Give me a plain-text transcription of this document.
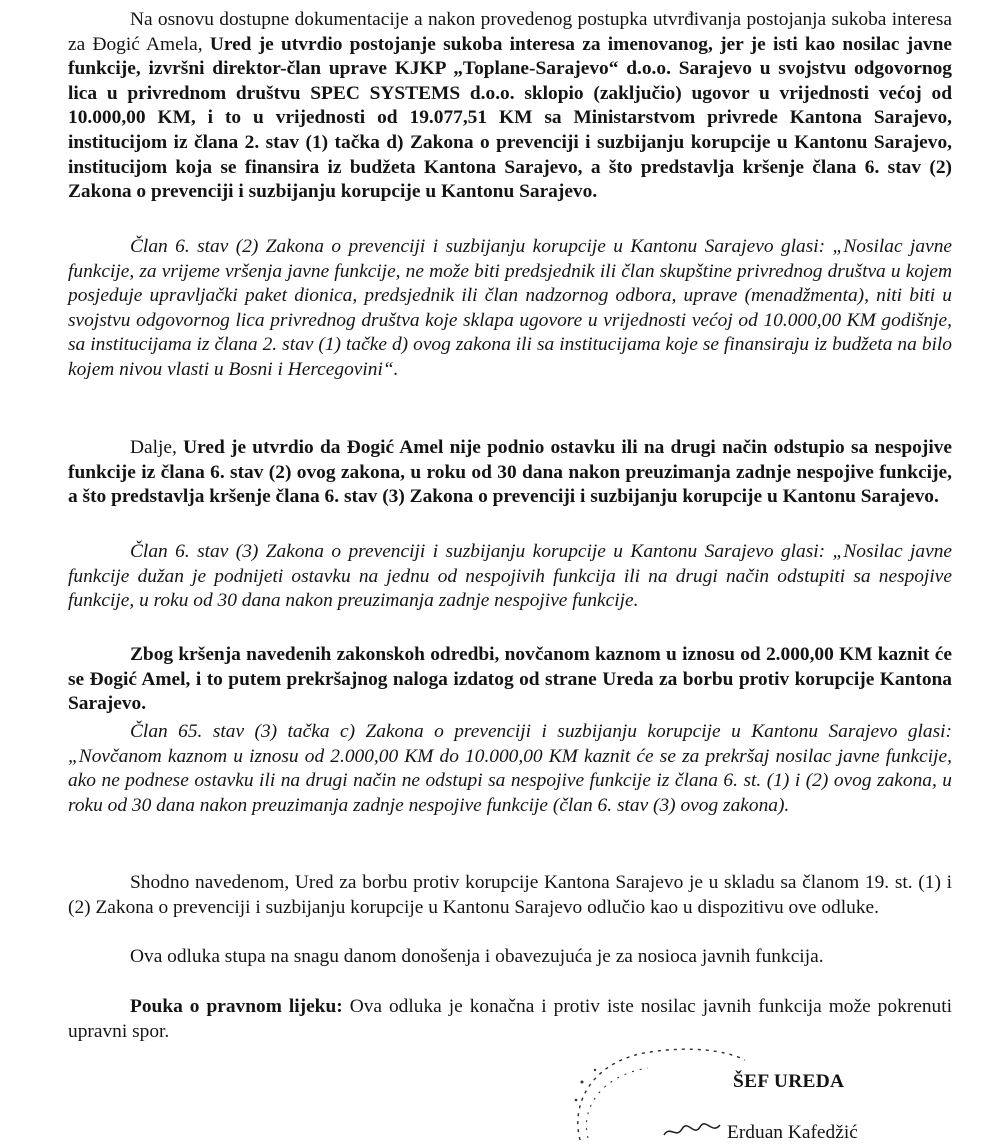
Na osnovu dostupne dokumentacije a nakon provedenog postupka utvrđivanja postojanja sukoba interesa za Đogić Amela, Ured je utvrdio postojanje sukoba interesa za imenovanog, jer je isti kao nosilac javne funkcije, izvršni direktor-član uprave KJKP „Toplane-Sarajevo“ d.o.o. Sarajevo u svojstvu odgovornog lica u privrednom društvu SPEC SYSTEMS d.o.o. sklopio (zaključio) ugovor u vrijednosti većoj od 10.000,00 KM, i to u vrijednosti od 19.077,51 KM sa Ministarstvom privrede Kantona Sarajevo, institucijom iz člana 2. stav (1) tačka d) Zakona o prevenciji i suzbijanju korupcije u Kantonu Sarajevo, institucijom koja se finansira iz budžeta Kantona Sarajevo, a što predstavlja kršenje člana 6. stav (2) Zakona o prevenciji i suzbijanju korupcije u Kantonu Sarajevo.

Član 6. stav (2) Zakona o prevenciji i suzbijanju korupcije u Kantonu Sarajevo glasi: „Nosilac javne funkcije, za vrijeme vršenja javne funkcije, ne može biti predsjednik ili član skupštine privrednog društva u kojem posjeduje upravljački paket dionica, predsjednik ili član nadzornog odbora, uprave (menadžmenta), niti biti u svojstvu odgovornog lica privrednog društva koje sklapa ugovore u vrijednosti većoj od 10.000,00 KM godišnje, sa institucijama iz člana 2. stav (1) tačke d) ovog zakona ili sa institucijama koje se finansiraju iz budžeta na bilo kojem nivou vlasti u Bosni i Hercegovini“.

Dalje, Ured je utvrdio da Đogić Amel nije podnio ostavku ili na drugi način odstupio sa nespojive funkcije iz člana 6. stav (2) ovog zakona, u roku od 30 dana nakon preuzimanja zadnje nespojive funkcije, a što predstavlja kršenje člana 6. stav (3) Zakona o prevenciji i suzbijanju korupcije u Kantonu Sarajevo.

Član 6. stav (3) Zakona o prevenciji i suzbijanju korupcije u Kantonu Sarajevo glasi: „Nosilac javne funkcije dužan je podnijeti ostavku na jednu od nespojivih funkcija ili na drugi način odstupiti sa nespojive funkcije, u roku od 30 dana nakon preuzimanja zadnje nespojive funkcije.

Zbog kršenja navedenih zakonskoh odredbi, novčanom kaznom u iznosu od 2.000,00 KM kaznit će se Đogić Amel, i to putem prekršajnog naloga izdatog od strane Ureda za borbu protiv korupcije Kantona Sarajevo.

Član 65. stav (3) tačka c) Zakona o prevenciji i suzbijanju korupcije u Kantonu Sarajevo glasi: „Novčanom kaznom u iznosu od 2.000,00 KM do 10.000,00 KM kaznit će se za prekršaj nosilac javne funkcije, ako ne podnese ostavku ili na drugi način ne odstupi sa nespojive funkcije iz člana 6. st. (1) i (2) ovog zakona, u roku od 30 dana nakon preuzimanja zadnje nespojive funkcije (član 6. stav (3) ovog zakona).

Shodno navedenom, Ured za borbu protiv korupcije Kantona Sarajevo je u skladu sa članom 19. st. (1) i (2) Zakona o prevenciji i suzbijanju korupcije u Kantonu Sarajevo odlučio kao u dispozitivu ove odluke.

Ova odluka stupa na snagu danom donošenja i obavezujuća je za nosioca javnih funkcija.

Pouka o pravnom lijeku: Ova odluka je konačna i protiv iste nosilac javnih funkcija može pokrenuti upravni spor.

ŠEF UREDA
Erduan Kafedžić
